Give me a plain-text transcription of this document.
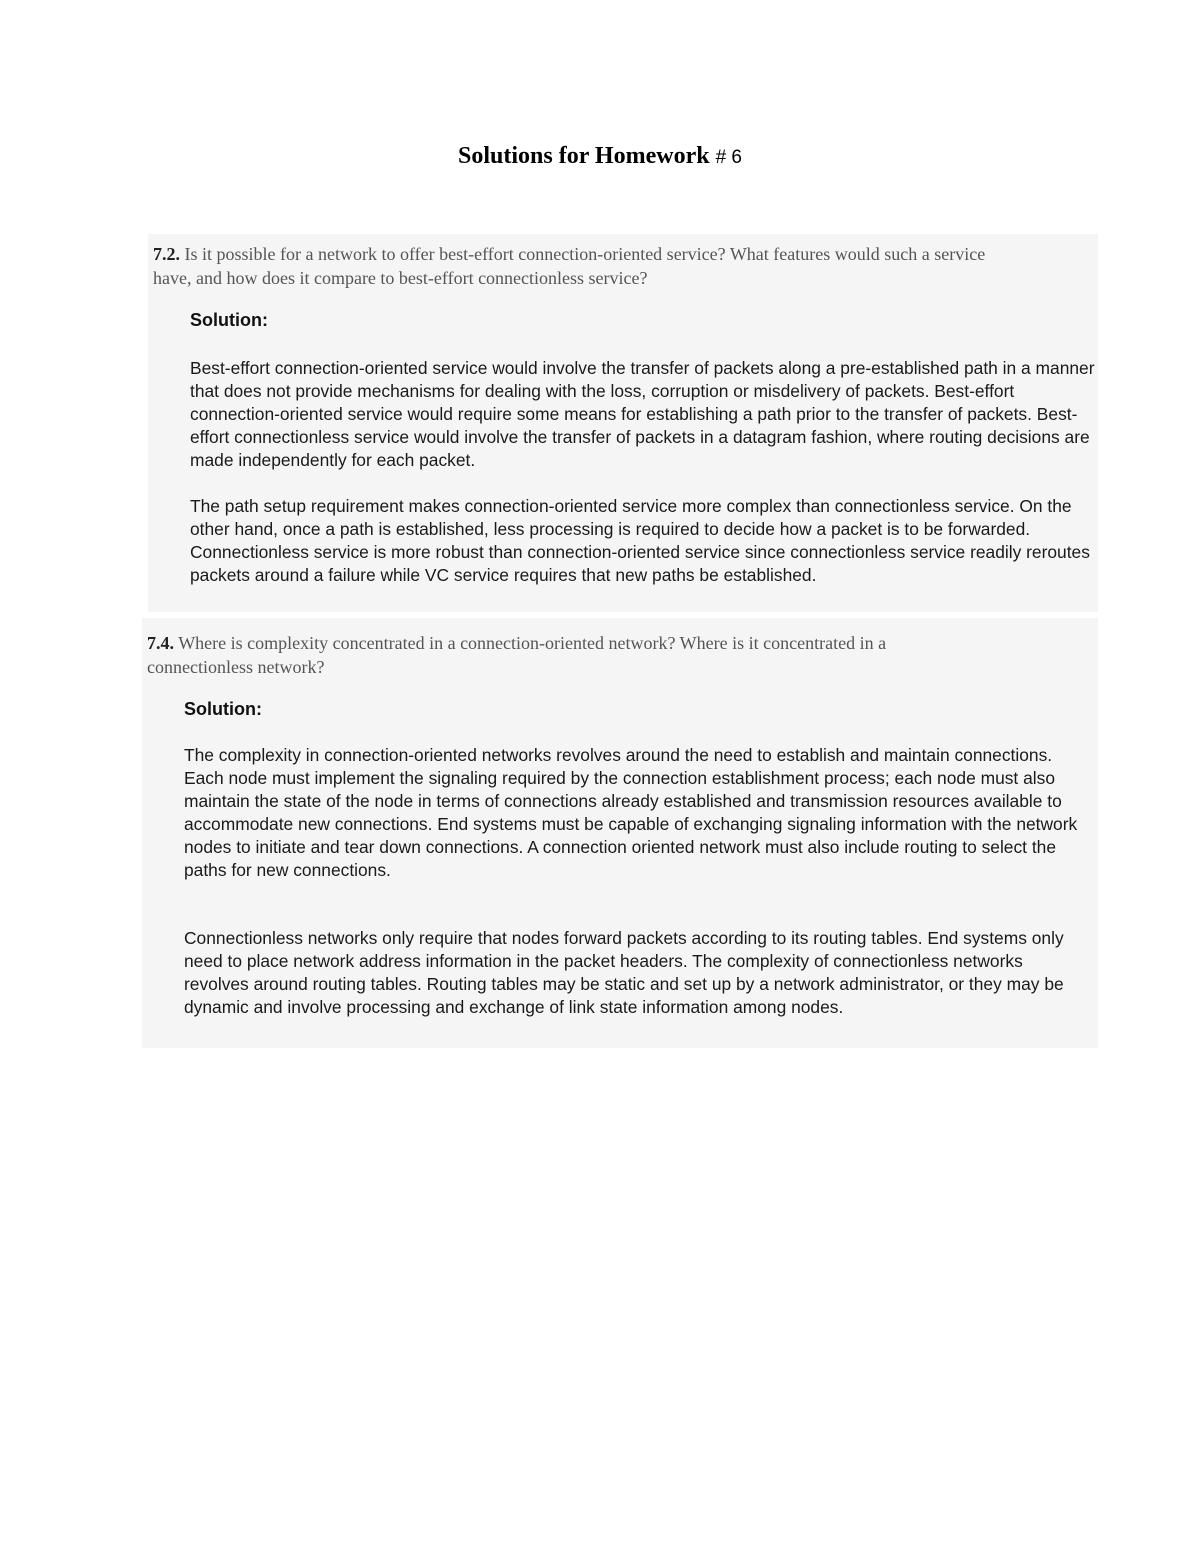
Solutions for Homework # 6

7.2. Is it possible for a network to offer best-effort connection-oriented service? What features would such a service have, and how does it compare to best-effort connectionless service?

Solution:

Best-effort connection-oriented service would involve the transfer of packets along a pre-established path in a manner that does not provide mechanisms for dealing with the loss, corruption or misdelivery of packets. Best-effort connection-oriented service would require some means for establishing a path prior to the transfer of packets. Best-effort connectionless service would involve the transfer of packets in a datagram fashion, where routing decisions are made independently for each packet.

The path setup requirement makes connection-oriented service more complex than connectionless service. On the other hand, once a path is established, less processing is required to decide how a packet is to be forwarded. Connectionless service is more robust than connection-oriented service since connectionless service readily reroutes packets around a failure while VC service requires that new paths be established.

7.4. Where is complexity concentrated in a connection-oriented network? Where is it concentrated in a connectionless network?

Solution:

The complexity in connection-oriented networks revolves around the need to establish and maintain connections. Each node must implement the signaling required by the connection establishment process; each node must also maintain the state of the node in terms of connections already established and transmission resources available to accommodate new connections. End systems must be capable of exchanging signaling information with the network nodes to initiate and tear down connections. A connection oriented network must also include routing to select the paths for new connections.

Connectionless networks only require that nodes forward packets according to its routing tables. End systems only need to place network address information in the packet headers. The complexity of connectionless networks revolves around routing tables. Routing tables may be static and set up by a network administrator, or they may be dynamic and involve processing and exchange of link state information among nodes.
